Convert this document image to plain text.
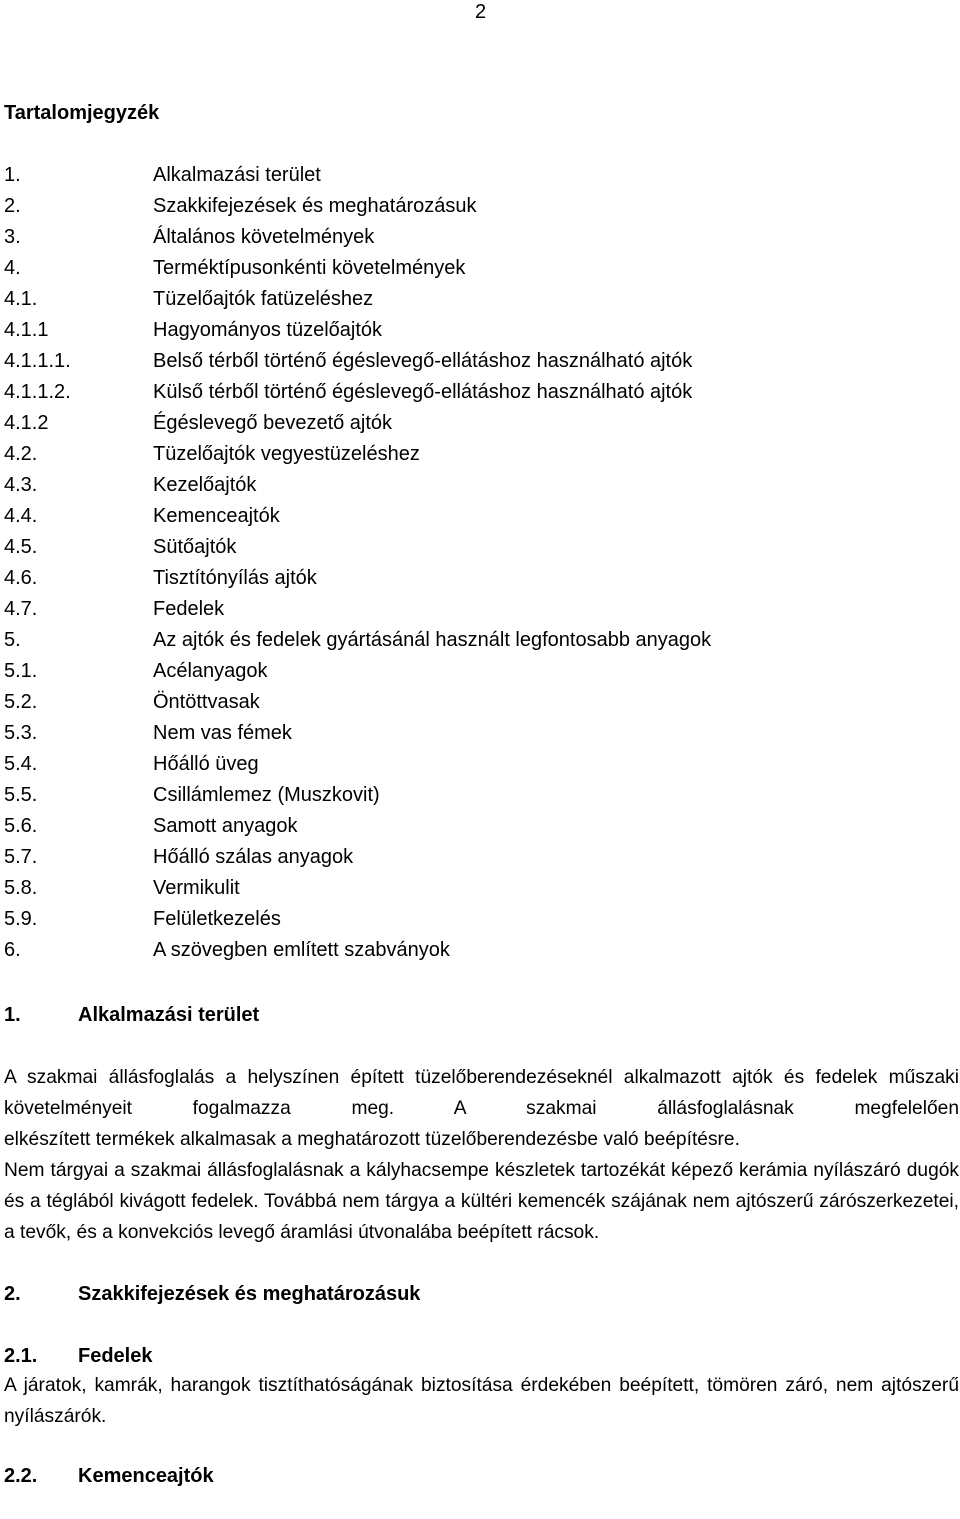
2
Tartalomjegyzék
1.	Alkalmazási terület
2.	Szakkifejezések és meghatározásuk
3.	Általános követelmények
4.	Terméktípusonkénti követelmények
4.1.	Tüzelőajtók fatüzeléshez
4.1.1	Hagyományos tüzelőajtók
4.1.1.1.	Belső térből történő égéslevegő-ellátáshoz használható ajtók
4.1.1.2.	Külső térből történő égéslevegő-ellátáshoz használható ajtók
4.1.2	Égéslevegő bevezető ajtók
4.2.	Tüzelőajtók vegyestüzeléshez
4.3.	Kezelőajtók
4.4.	Kemenceajtók
4.5.	Sütőajtók
4.6.	Tisztítónyílás ajtók
4.7.	Fedelek
5.	Az ajtók és fedelek gyártásánál használt legfontosabb anyagok
5.1.	Acélanyagok
5.2.	Öntöttvasak
5.3.	Nem vas fémek
5.4.	Hőálló üveg
5.5.	Csillámlemez (Muszkovit)
5.6.	Samott anyagok
5.7.	Hőálló szálas anyagok
5.8.	Vermikulit
5.9.	Felületkezelés
6.	A szövegben említett szabványok
1.	Alkalmazási terület

A szakmai állásfoglalás a helyszínen épített tüzelőberendezéseknél alkalmazott ajtók és fedelek műszaki követelményeit fogalmazza meg. A szakmai állásfoglalásnak megfelelően

elkészített termékek alkalmasak a meghatározott tüzelőberendezésbe való beépítésre.

Nem tárgyai a szakmai állásfoglalásnak a kályhacsempe készletek tartozékát képező kerámia nyílászáró dugók és a téglából kivágott fedelek. Továbbá nem tárgya a kültéri kemencék szájának nem ajtószerű zárószerkezetei, a tevők, és a konvekciós levegő áramlási útvonalába beépített rácsok.

2.	Szakkifejezések és meghatározásuk
2.1.	Fedelek

A járatok, kamrák, harangok tisztíthatóságának biztosítása érdekében beépített, tömören záró, nem ajtószerű nyílászárók.

2.2.	Kemenceajtók
